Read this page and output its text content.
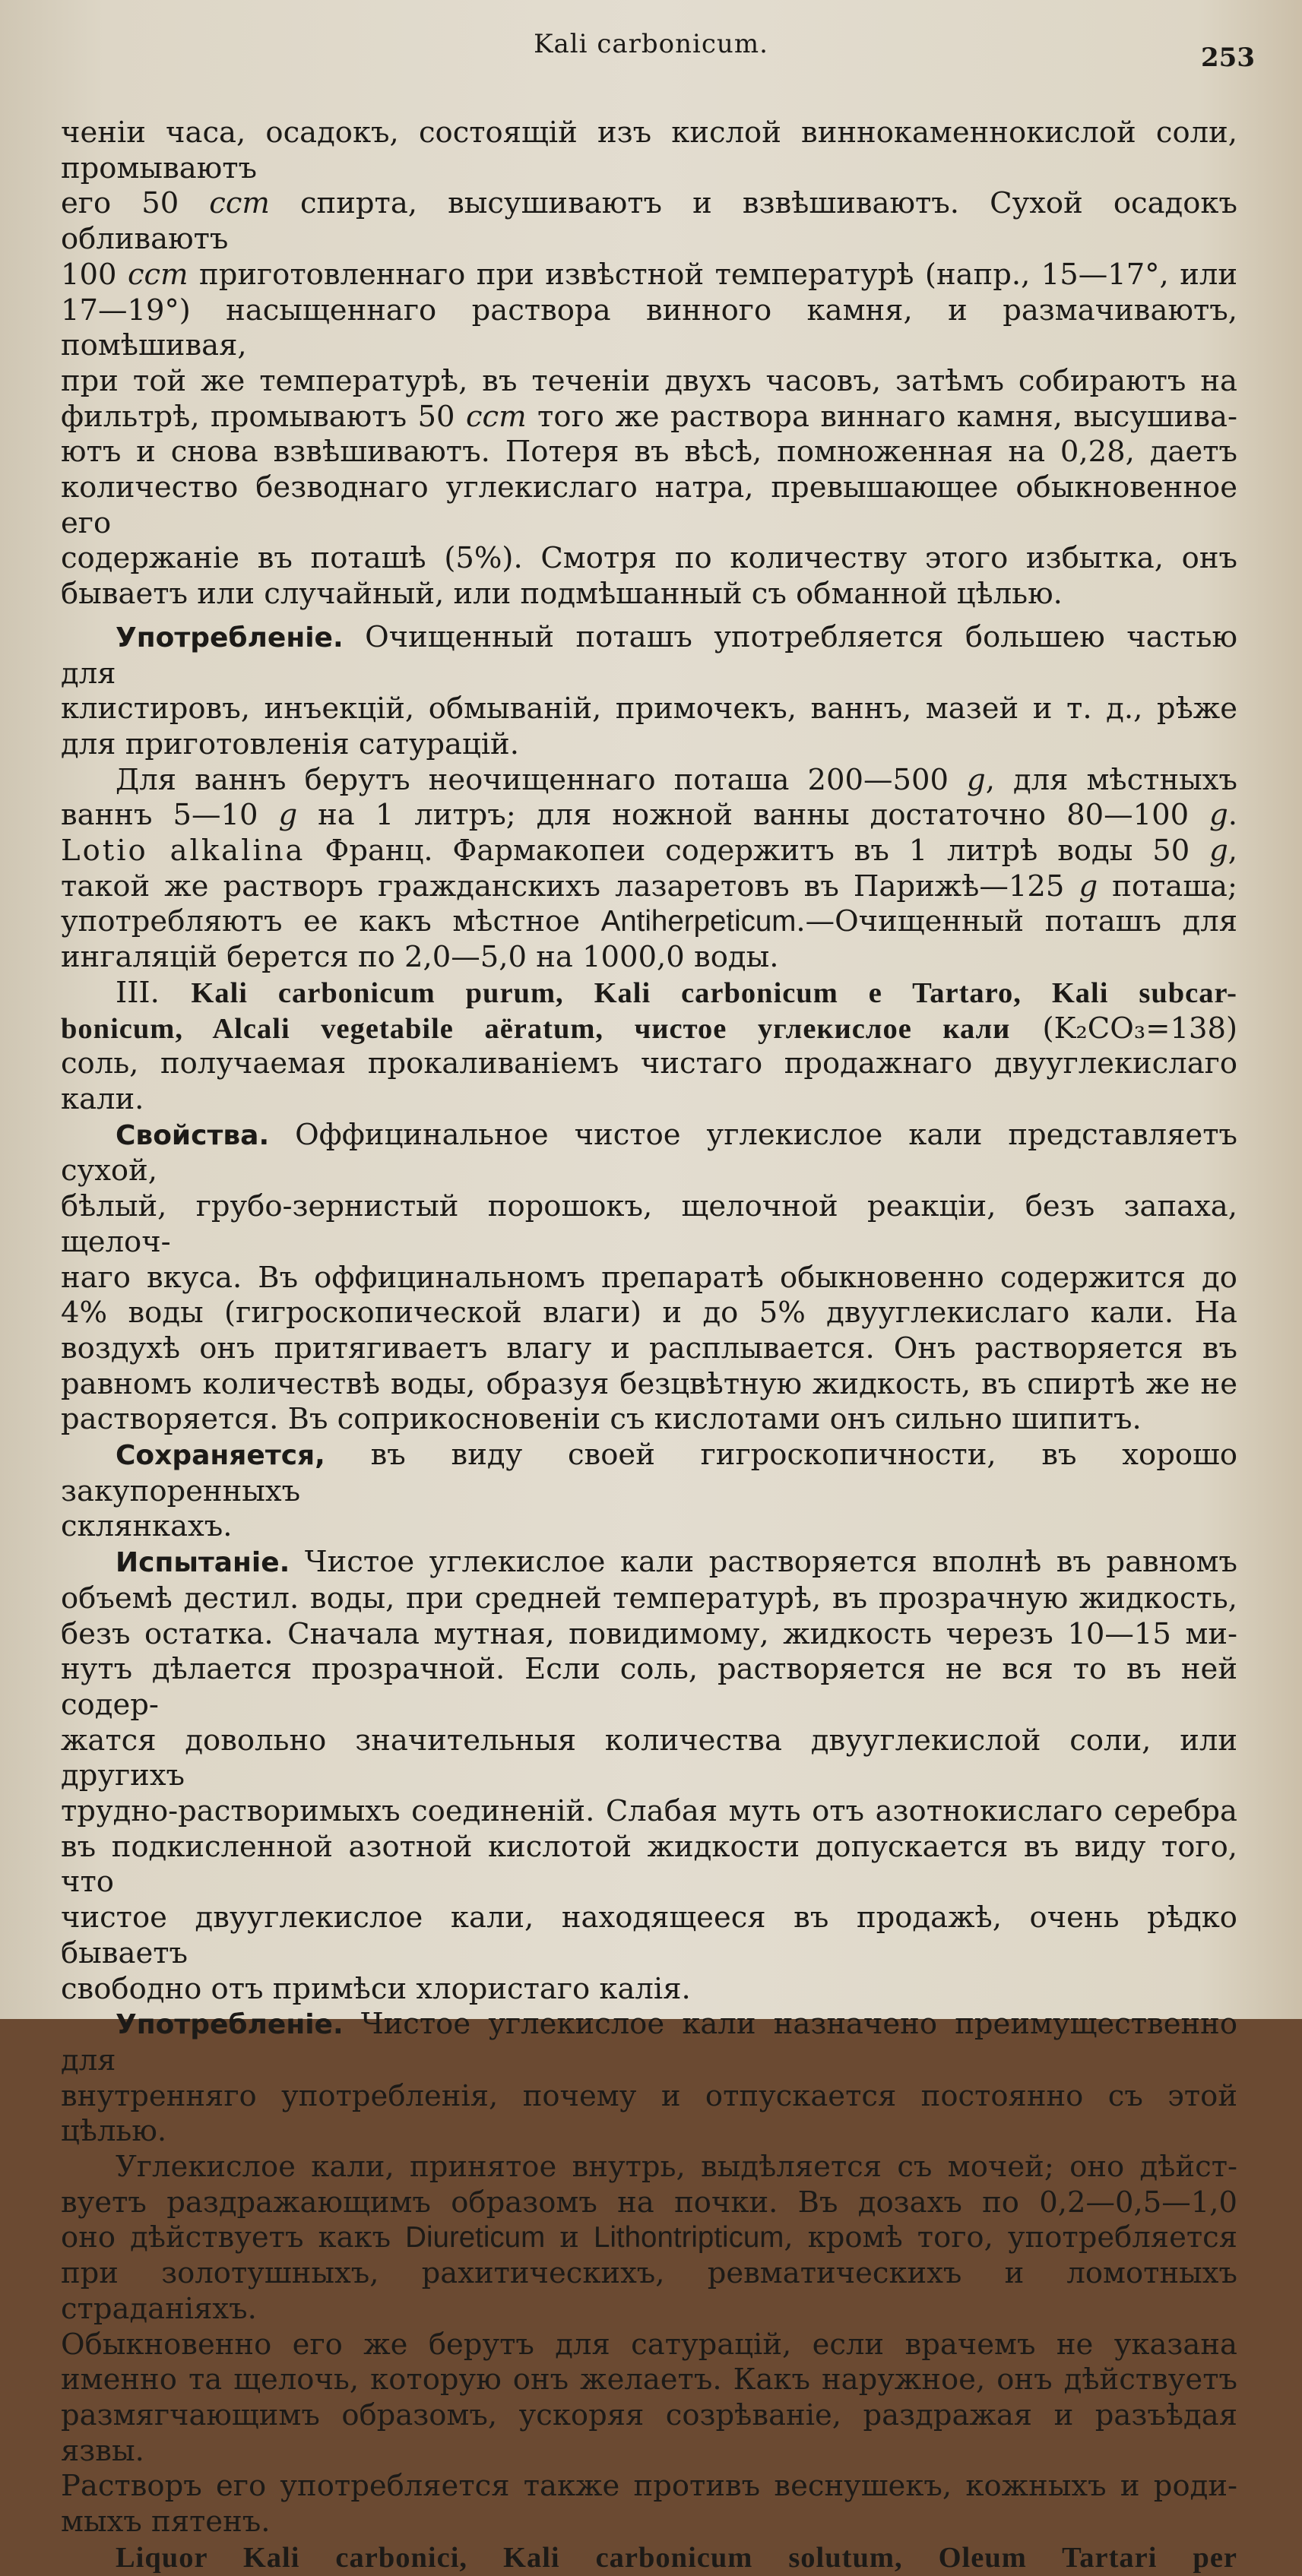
Kali carbonicum.	253

ченіи часа, осадокъ, состоящій изъ кислой виннокаменнокислой соли, промываютъ

его 50 ccm спирта, высушиваютъ и взвѣшиваютъ. Сухой осадокъ обливаютъ

100 ccm приготовленнаго при извѣстной температурѣ (напр., 15—17°, или

17—19°) насыщеннаго раствора винного камня, и размачиваютъ, помѣшивая,

при той же температурѣ, въ теченіи двухъ часовъ, затѣмъ собираютъ на

фильтрѣ, промываютъ 50 ccm того же раствора виннаго камня, высушива-

ютъ и снова взвѣшиваютъ. Потеря въ вѣсѣ, помноженная на 0,28, даетъ

количество безводнаго углекислаго натра, превышающее обыкновенное его

содержаніе въ поташѣ (5%). Смотря по количеству этого избытка, онъ

бываетъ или случайный, или подмѣшанный съ обманной цѣлью.

Употребленіе. Очищенный поташъ употребляется большею частью для

клистировъ, инъекцій, обмываній, примочекъ, ваннъ, мазей и т. д., рѣже

для приготовленія сатурацій.

Для ваннъ берутъ неочищеннаго поташа 200—500 g, для мѣстныхъ

ваннъ 5—10 g на 1 литръ; для ножной ванны достаточно 80—100 g.

Lotio alkalina Франц. Фармакопеи содержитъ въ 1 литрѣ воды 50 g,

такой же растворъ гражданскихъ лазаретовъ въ Парижѣ—125 g поташа;

употребляютъ ее какъ мѣстное Antiherpeticum.—Очищенный поташъ для

ингаляцій берется по 2,0—5,0 на 1000,0 воды.

III. Kali carbonicum purum, Kali carbonicum e Tartaro, Kali subcar-

bonicum, Alcali vegetabile aëratum, чистое углекислое кали (K₂CO₃=138)

соль, получаемая прокаливаніемъ чистаго продажнаго двууглекислаго кали.

Свойства. Оффицинальное чистое углекислое кали представляетъ сухой,

бѣлый, грубо-зернистый порошокъ, щелочной реакціи, безъ запаха, щелоч-

наго вкуса. Въ оффицинальномъ препаратѣ обыкновенно содержится до

4% воды (гигроскопической влаги) и до 5% двууглекислаго кали. На

воздухѣ онъ притягиваетъ влагу и расплывается. Онъ растворяется въ

равномъ количествѣ воды, образуя безцвѣтную жидкость, въ спиртѣ же не

растворяется. Въ соприкосновеніи съ кислотами онъ сильно шипитъ.

Сохраняется, въ виду своей гигроскопичности, въ хорошо закупоренныхъ

склянкахъ.

Испытаніе. Чистое углекислое кали растворяется вполнѣ въ равномъ

объемѣ дестил. воды, при средней температурѣ, въ прозрачную жидкость,

безъ остатка. Сначала мутная, повидимому, жидкость черезъ 10—15 ми-

нутъ дѣлается прозрачной. Если соль, растворяется не вся то въ ней содер-

жатся довольно значительныя количества двууглекислой соли, или другихъ

трудно-растворимыхъ соединеній. Слабая муть отъ азотнокислаго серебра

въ подкисленной азотной кислотой жидкости допускается въ виду того, что

чистое двууглекислое кали, находящееся въ продажѣ, очень рѣдко бываетъ

свободно отъ примѣси хлористаго калія.

Употребленіе. Чистое углекислое кали назначено преимущественно для

внутренняго употребленія, почему и отпускается постоянно съ этой цѣлью.

Углекислое кали, принятое внутрь, выдѣляется съ мочей; оно дѣйст-

вуетъ раздражающимъ образомъ на почки. Въ дозахъ по 0,2—0,5—1,0

оно дѣйствуетъ какъ Diureticum и Lithontripticum, кромѣ того, употребляется

при золотушныхъ, рахитическихъ, ревматическихъ и ломотныхъ страданіяхъ.

Обыкновенно его же берутъ для сатурацій, если врачемъ не указана

именно та щелочь, которую онъ желаетъ. Какъ наружное, онъ дѣйствуетъ

размягчающимъ образомъ, ускоряя созрѣваніе, раздражая и разъѣдая язвы.

Растворъ его употребляется также противъ веснушекъ, кожныхъ и роди-

мыхъ пятенъ.

Liquor Kali carbonici, Kali carbonicum solutum, Oleum Tartari per
